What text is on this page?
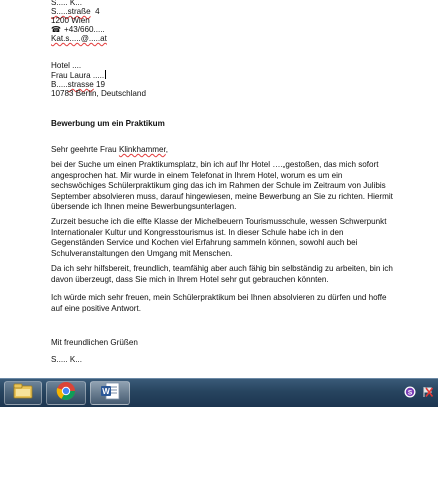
S..... K...
S.....straße 4
1200 Wien
☎ +43/660.....
Kat.s.....@.....at
Hotel ....
Frau Laura .....
B.....strasse 19
10783 Berlin, Deutschland
Bewerbung um ein Praktikum
Sehr geehrte Frau Klinkhammer,
bei der Suche um einen Praktikumsplatz, bin ich auf Ihr Hotel ….„gestoßen, das mich sofort angesprochen hat. Mir wurde in einem Telefonat in Ihrem Hotel, worum es um ein sechswöchiges Schülerpraktikum ging das ich im Rahmen der Schule im Zeitraum von Julibis September absolvieren muss, darauf hingewiesen, meine Bewerbung an Sie zu richten. Hiermit übersende ich Ihnen meine Bewerbungsunterlagen.
Zurzeit besuche ich die elfte Klasse der Michelbeuern Tourismusschule, wessen Schwerpunkt Internationaler Kultur und Kongresstourismus ist. In dieser Schule habe ich in den Gegenständen Service und Kochen viel Erfahrung sammeln können, sowohl auch bei Schulveranstaltungen den Umgang mit Menschen.
Da ich sehr hilfsbereit, freundlich, teamfähig aber auch fähig bin selbständig zu arbeiten, bin ich davon überzeugt, dass Sie mich in Ihrem Hotel sehr gut gebrauchen könnten.
Ich würde mich sehr freuen, mein Schülerpraktikum bei Ihnen absolvieren zu dürfen und hoffe auf eine positive Antwort.
Mit freundlichen Grüßen
S..... K...
W	S
